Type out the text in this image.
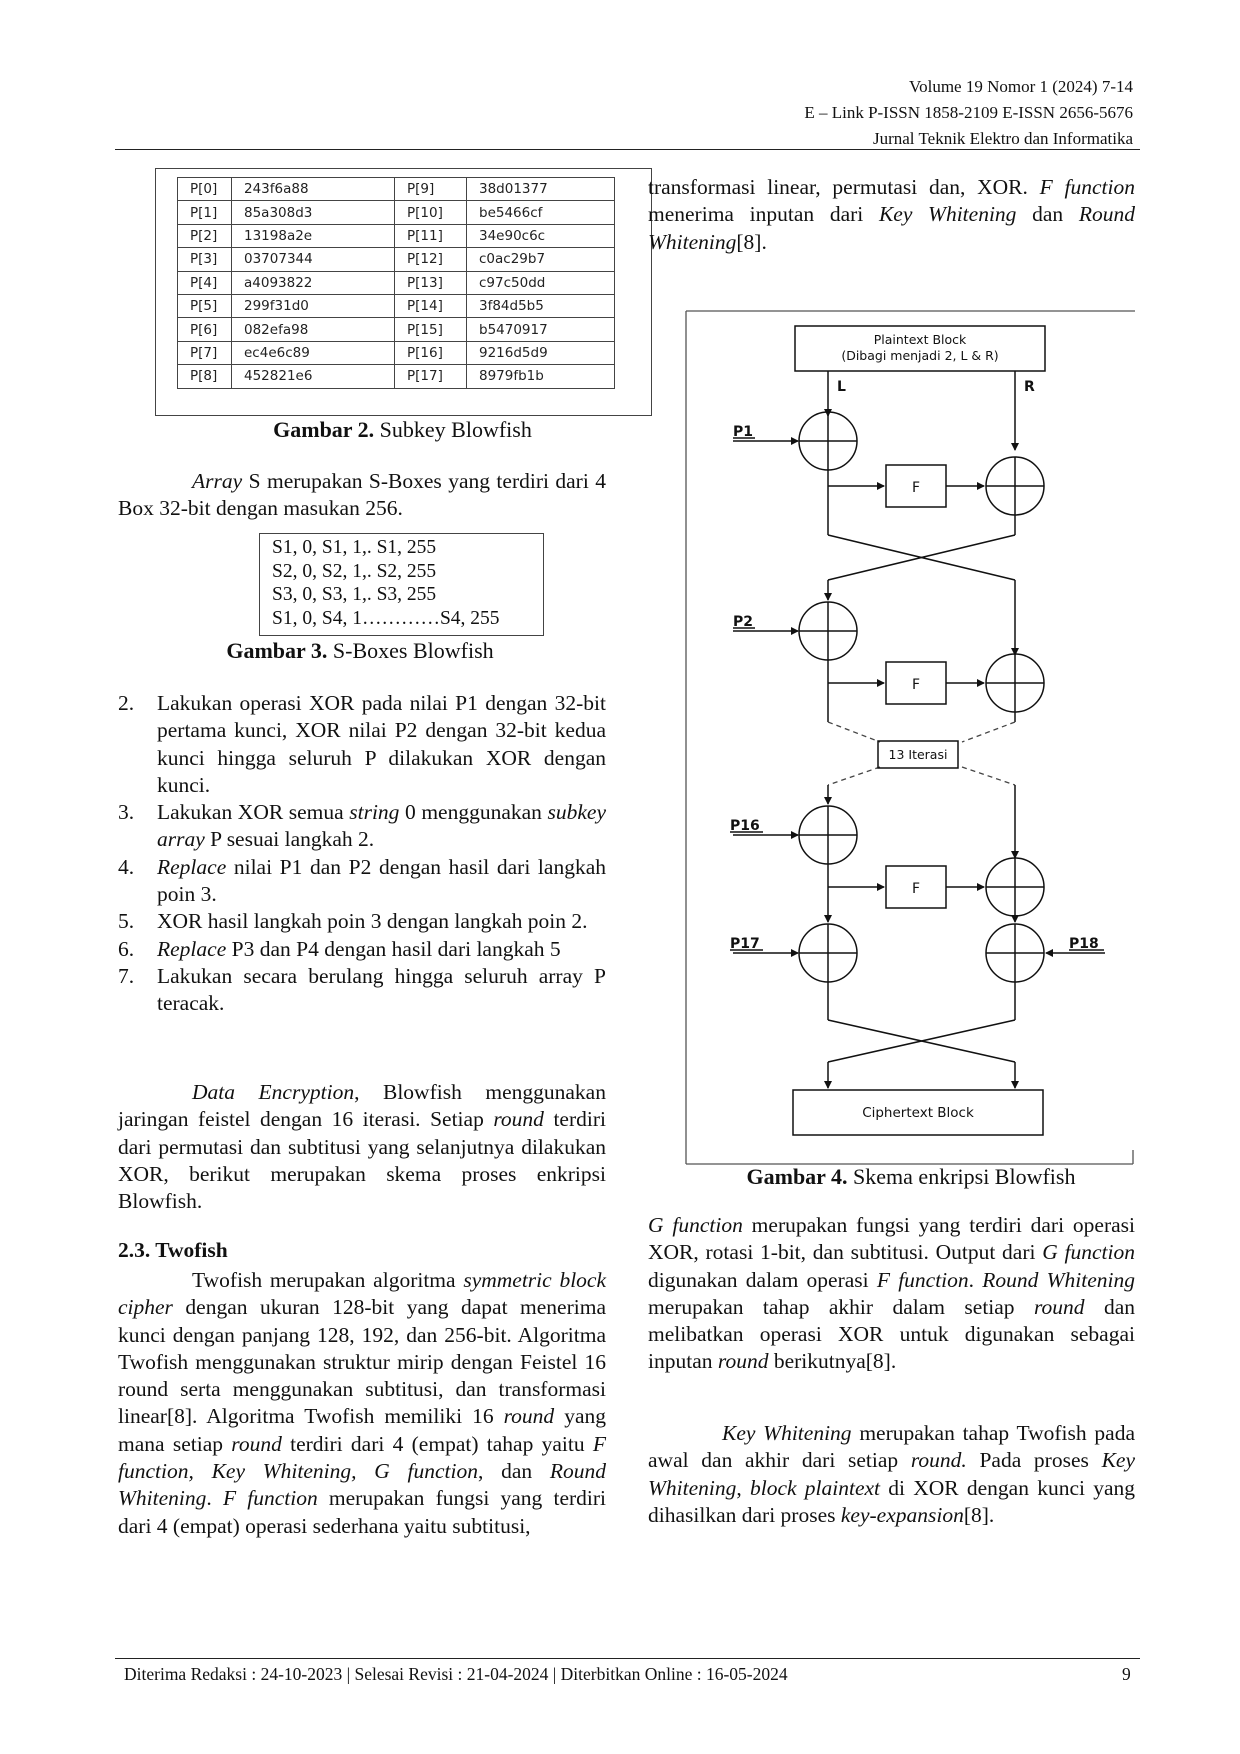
Volume 19 Nomor 1 (2024) 7-14
E – Link P-ISSN 1858-2109 E-ISSN 2656-5676
Jurnal Teknik Elektro dan Informatika
P[0]	243f6a88	P[9]	38d01377
P[1]	85a308d3	P[10]	be5466cf
P[2]	13198a2e	P[11]	34e90c6c
P[3]	03707344	P[12]	c0ac29b7
P[4]	a4093822	P[13]	c97c50dd
P[5]	299f31d0	P[14]	3f84d5b5
P[6]	082efa98	P[15]	b5470917
P[7]	ec4e6c89	P[16]	9216d5d9
P[8]	452821e6	P[17]	8979fb1b
Gambar 2. Subkey Blowfish

Array S merupakan S-Boxes yang terdiri dari 4 Box 32-bit dengan masukan 256.

S1, 0, S1, 1,. S1, 255
S2, 0, S2, 1,. S2, 255
S3, 0, S3, 1,. S3, 255
S1, 0, S4, 1…………S4, 255
Gambar 3. S-Boxes Blowfish
2. Lakukan operasi XOR pada nilai P1 dengan 32-bit pertama kunci, XOR nilai P2 dengan 32-bit kedua kunci hingga seluruh P dilakukan XOR dengan kunci.
3. Lakukan XOR semua string 0 menggunakan subkey array P sesuai langkah 2.
4. Replace nilai P1 dan P2 dengan hasil dari langkah poin 3.
5. XOR hasil langkah poin 3 dengan langkah poin 2.
6. Replace P3 dan P4 dengan hasil dari langkah 5
7. Lakukan secara berulang hingga seluruh array P teracak.

Data Encryption, Blowfish menggunakan jaringan feistel dengan 16 iterasi. Setiap round terdiri dari permutasi dan subtitusi yang selanjutnya dilakukan XOR, berikut merupakan skema proses enkripsi Blowfish.

2.3. Twofish

Twofish merupakan algoritma symmetric block cipher dengan ukuran 128-bit yang dapat menerima kunci dengan panjang 128, 192, dan 256-bit. Algoritma Twofish menggunakan struktur mirip dengan Feistel 16 round serta menggunakan subtitusi, dan transformasi linear[8]. Algoritma Twofish memiliki 16 round yang mana setiap round terdiri dari 4 (empat) tahap yaitu F function, Key Whitening, G function, dan Round Whitening. F function merupakan fungsi yang terdiri dari 4 (empat) operasi sederhana yaitu subtitusi,

transformasi linear, permutasi dan, XOR. F function menerima inputan dari Key Whitening dan Round Whitening[8].

Plaintext Block
(Dibagi menjadi 2, L & R)
L	R
F
F
F
13 Iterasi
Ciphertext Block
P1
P2
P16
P17	P18
Gambar 4. Skema enkripsi Blowfish

G function merupakan fungsi yang terdiri dari operasi XOR, rotasi 1-bit, dan subtitusi. Output dari G function digunakan dalam operasi F function. Round Whitening merupakan tahap akhir dalam setiap round dan melibatkan operasi XOR untuk digunakan sebagai inputan round berikutnya[8].

Key Whitening merupakan tahap Twofish pada awal dan akhir dari setiap round. Pada proses Key Whitening, block plaintext di XOR dengan kunci yang dihasilkan dari proses key-expansion[8].

Diterima Redaksi : 24-10-2023 | Selesai Revisi : 21-04-2024 | Diterbitkan Online : 16-05-2024	9
